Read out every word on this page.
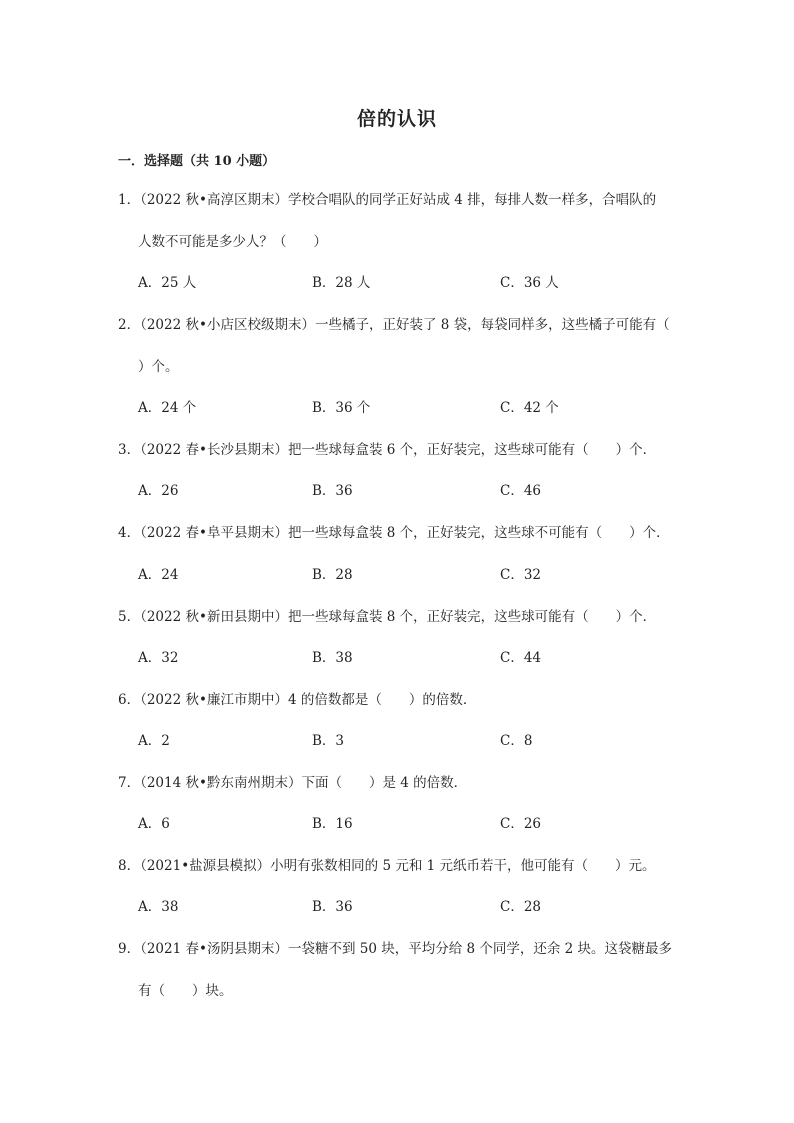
倍的认识
一．选择题（共 10 小题）
1．（2022 秋•高淳区期末）学校合唱队的同学正好站成 4 排，每排人数一样多，合唱队的
人数不可能是多少人？（　　）
A．25 人	B．28 人	C．36 人
2．（2022 秋•小店区校级期末）一些橘子，正好装了 8 袋，每袋同样多，这些橘子可能有（
）个。
A．24 个	B．36 个	C．42 个
3．（2022 春•长沙县期末）把一些球每盒装 6 个，正好装完，这些球可能有（　　）个．
A．26	B．36	C．46
4．（2022 春•阜平县期末）把一些球每盒装 8 个，正好装完，这些球不可能有（　　）个．
A．24	B．28	C．32
5．（2022 秋•新田县期中）把一些球每盒装 8 个，正好装完，这些球可能有（　　）个．
A．32	B．38	C．44
6．（2022 秋•廉江市期中）4 的倍数都是（　　）的倍数．
A．2	B．3	C．8
7．（2014 秋•黔东南州期末）下面（　　）是 4 的倍数．
A．6	B．16	C．26
8．（2021•盐源县模拟）小明有张数相同的 5 元和 1 元纸币若干，他可能有（　　）元。
A．38	B．36	C．28
9．（2021 春•汤阴县期末）一袋糖不到 50 块，平均分给 8 个同学，还余 2 块。这袋糖最多
有（　　）块。
